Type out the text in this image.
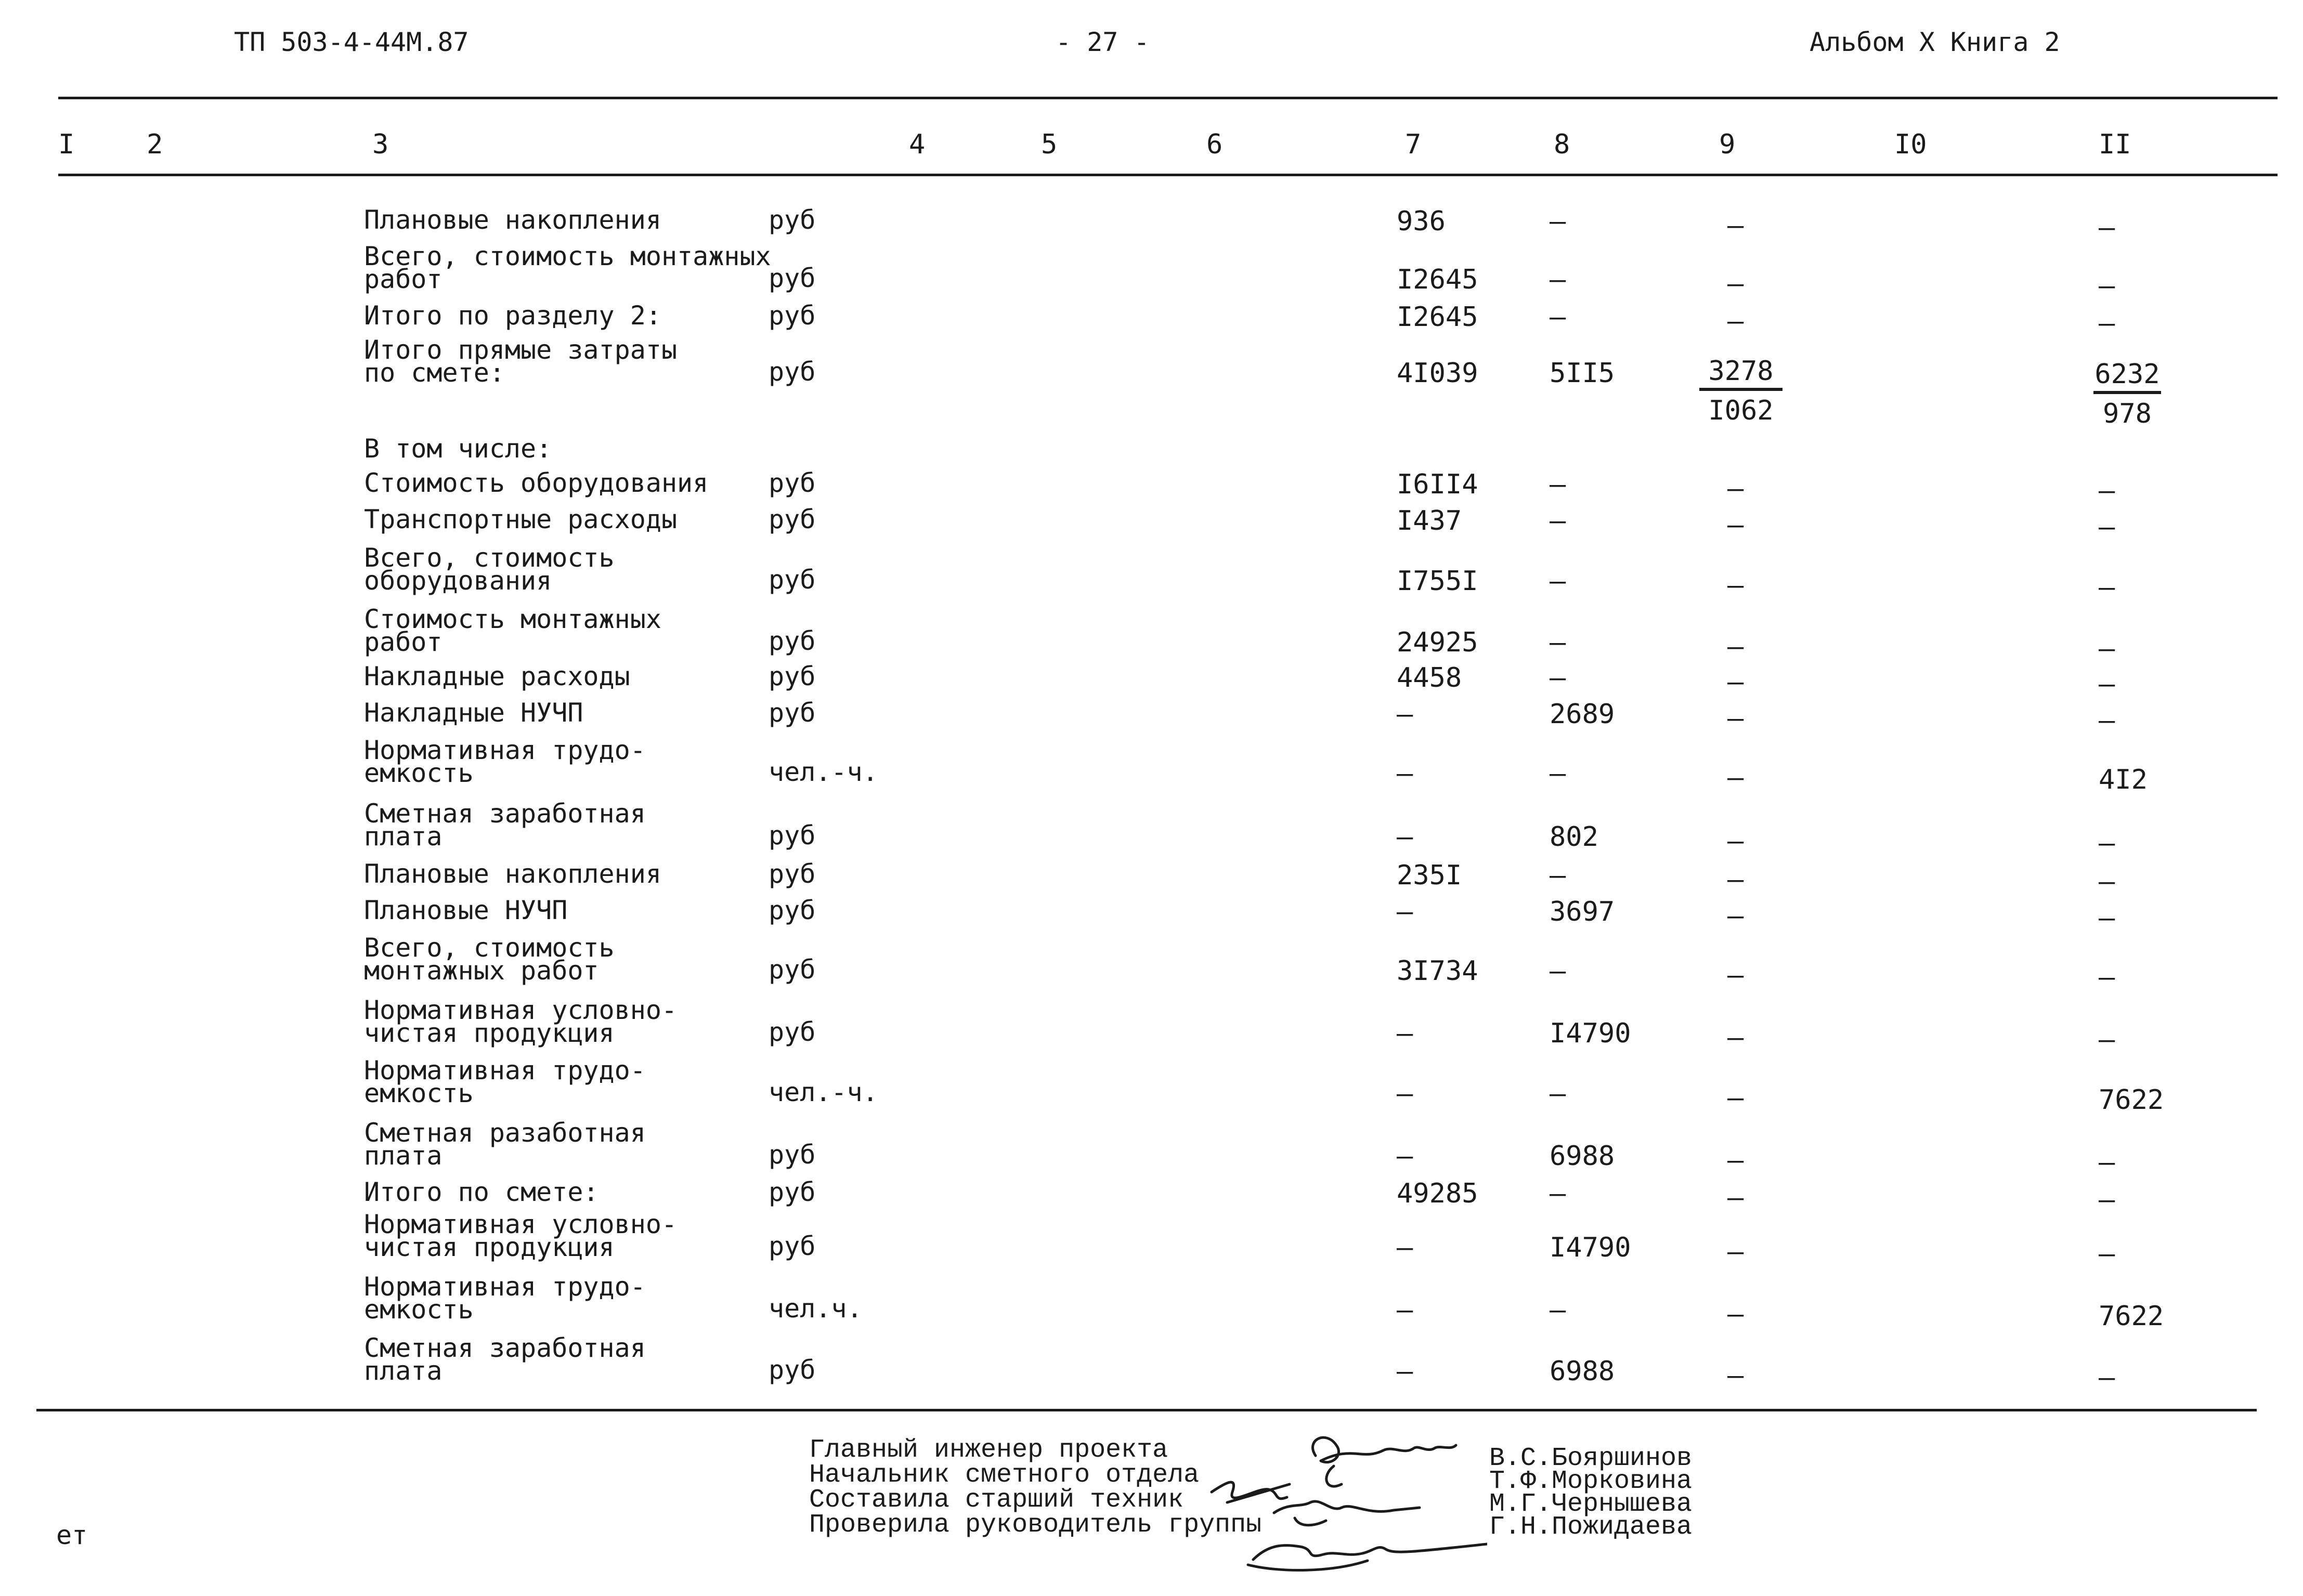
ТП 503-4-44М.87	- 27 -	Альбом X Книга 2
I	2	3	4	5	6	7	8	9	I0	II
Плановые накопления	руб	936	–	–	–
Всего, стоимость монтажных
работ	руб	I2645	–	–	–
Итого по разделу 2:	руб	I2645	–	–	–
Итого прямые затраты
по смете:	руб	4I039	5II5	$\frac{3278}{I062}$	$\frac{6232}{978}$
В том числе:
Стоимость оборудования руб	I6II4	–	–	–
Транспортные расходы	руб	I437	–	–	–
Всего, стоимость
оборудования	руб	I755I	–	–	–
Стоимость монтажных
работ	руб	24925	–	–	–
Накладные расходы	руб	4458	–	–	–
Накладные НУЧП	руб	–	2689	–	–
Нормативная трудо-
емкость	чел.-ч.	–	–	–	4I2
Сметная заработная
плата	руб	–	802	–	–
Плановые накопления	руб	235I	–	–	–
Плановые НУЧП	руб	–	3697	–	–
Всего, стоимость
монтажных работ	руб	3I734	–	–	–
Нормативная условно-
чистая продукция	руб	–	I4790	–	–
Нормативная трудо-
емкость	чел.-ч.	–	–	–	7622
Сметная разаботная
плата	руб	–	6988	–	–
Итого по смете:	руб	49285	–	–	–
Нормативная условно-
чистая продукция	руб	–	I4790	–	–
Нормативная трудо-
емкость	чел.ч.	–	–	–	7622
Сметная заработная
плата	руб	–	6988	–	–
Главный инженер проекта
Начальник сметного отдела
Составила старший техник
Проверила руководитель группы
В.С.Бояршинов
Т.Ф.Морковина
М.Г.Чернышева
Г.Н.Пожидаева
ет
